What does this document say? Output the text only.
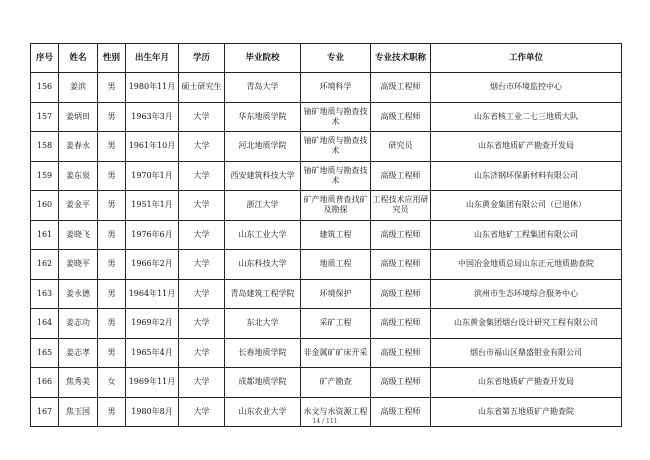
序号	姓名	性别	出生年月	学历	毕业院校	专业	专业技术职称	工作单位
156	姜滨	男	1980年11月	硕士研究生	青岛大学	环境科学	高级工程师	烟台市环境监控中心
157	姜炳田	男	1963年3月	大学	华东地质学院	铀矿地质与勘查技术	高级工程师	山东省核工业二七三地质大队
158	姜春永	男	1961年10月	大学	河北地质学院	铀矿地质与勘查技术	研究员	山东省地质矿产勘查开发局
159	姜东泉	男	1970年1月	大学	西安建筑科技大学	铀矿地质与勘查技术	高级工程师	山东济钢环保新材料有限公司
160	姜金平	男	1951年1月	大学	浙江大学	矿产地质普查找矿及勘探	工程技术应用研究员	山东黄金集团有限公司（已退休）
161	姜晓飞	男	1976年6月	大学	山东工业大学	建筑工程	高级工程师	山东省地矿工程集团有限公司
162	姜晓平	男	1966年2月	大学	山东科技大学	地质工程	高级工程师	中国冶金地质总局山东正元地质勘查院
163	姜永德	男	1964年11月	大学	青岛建筑工程学院	环境保护	高级工程师	滨州市生态环境综合服务中心
164	姜志功	男	1969年2月	大学	东北大学	采矿工程	高级工程师	山东黄金集团烟台设计研究工程有限公司
165	姜志孝	男	1965年4月	大学	长春地质学院	非金属矿矿床开采	高级工程师	烟台市福山区鼎盛钼业有限公司
166	焦秀美	女	1969年11月	大学	成都地质学院	矿产勘查	高级工程师	山东省地质矿产勘查开发局
167	焦玉国	男	1980年8月	大学	山东农业大学	水文与水资源工程	高级工程师	山东省第五地质矿产勘查院
14 / 111
